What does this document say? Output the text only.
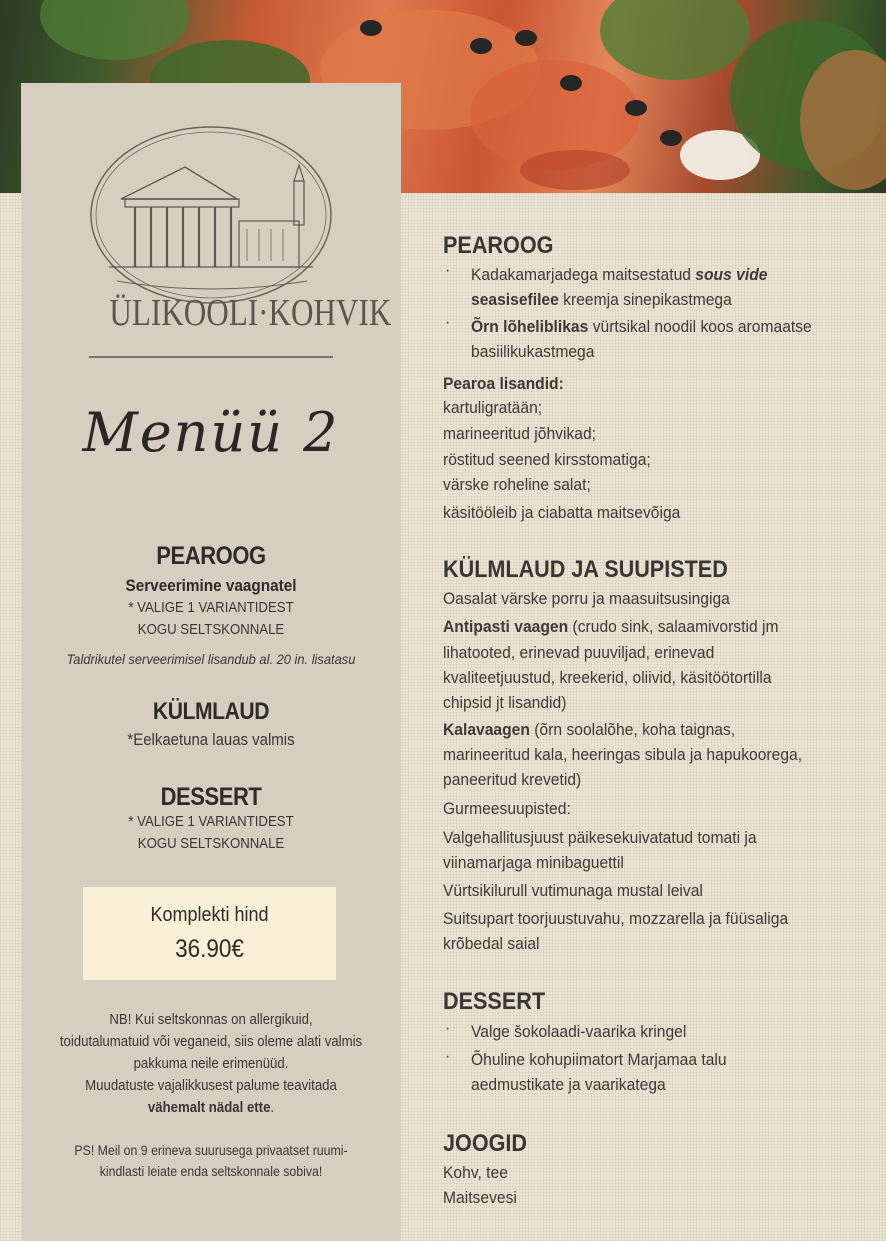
ÜLIKOOLI·KOHVIK
Menüü 2
PEAROOG
Serveerimine vaagnatel
* VALIGE 1 VARIANTIDEST
KOGU SELTSKONNALE
Taldrikutel serveerimisel lisandub al. 20 in. lisatasu
KÜLMLAUD
*Eelkaetuna lauas valmis
DESSERT
* VALIGE 1 VARIANTIDEST
KOGU SELTSKONNALE
Komplekti hind
36.90€
NB! Kui seltskonnas on allergikuid,
toidutalumatuid või veganeid, siis oleme alati valmis
pakkuma neile erimenüüd.
Muudatuste vajalikkusest palume teavitada
vähemalt nädal ette.
PS! Meil on 9 erineva suurusega privaatset ruumi-
kindlasti leiate enda seltskonnale sobiva!
PEAROOG
· Kadakamarjadega maitsestatud sous vide
seasisefilee kreemja sinepikastmega
· Õrn lõheliblikas vürtsikal noodil koos aromaatse
basiilikukastmega
Pearoa lisandid:
kartuligratään;
marineeritud jõhvikad;
röstitud seened kirsstomatiga;
värske roheline salat;
käsitööleib ja ciabatta maitsevõiga
KÜLMLAUD JA SUUPISTED
Oasalat värske porru ja maasuitsusingiga
Antipasti vaagen (crudo sink, salaamivorstid jm
lihatooted, erinevad puuviljad, erinevad
kvaliteetjuustud, kreekerid, oliivid, käsitöötortilla
chipsid jt lisandid)
Kalavaagen (õrn soolalõhe, koha taignas,
marineeritud kala, heeringas sibula ja hapukoorega,
paneeritud krevetid)
Gurmeesuupisted:
Valgehallitusjuust päikesekuivatatud tomati ja
viinamarjaga minibaguettil
Vürtsikilurull vutimunaga mustal leival
Suitsupart toorjuustuvahu, mozzarella ja füüsaliga
krõbedal saial
DESSERT
· Valge šokolaadi-vaarika kringel
· Õhuline kohupiimatort Marjamaa talu
aedmustikate ja vaarikatega
JOOGID
Kohv, tee
Maitsevesi
